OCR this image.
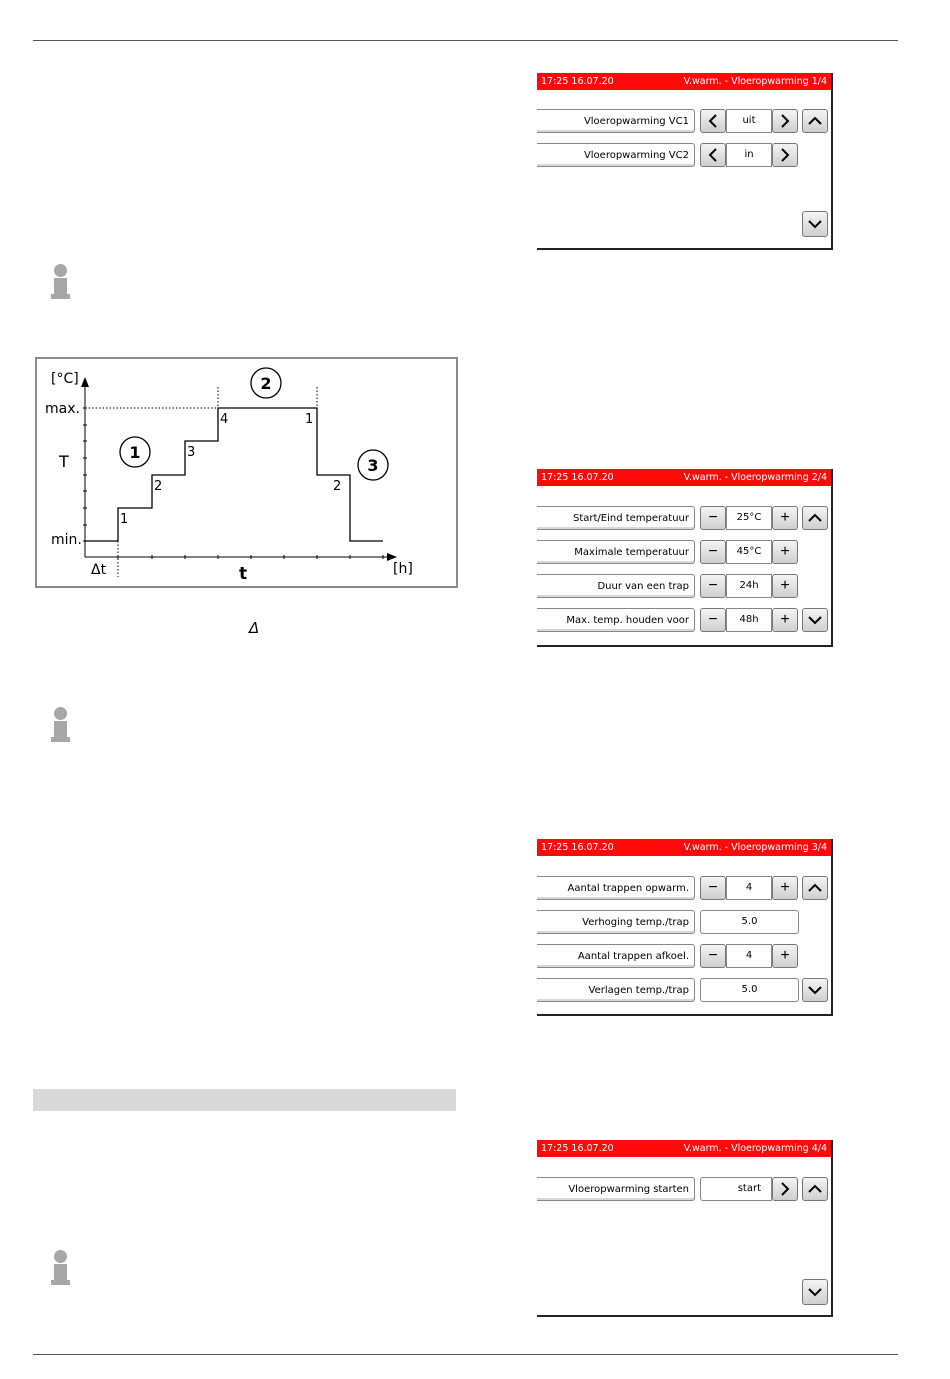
Δ
[°C]
max.
T
min.
Δt	t	[h]
1
2
3
4	1
2
1
2
3
17:25 16.07.20	V.warm. - Vloeropwarming 1/4
Vloeropwarming VC1	uit
Vloeropwarming VC2	in
17:25 16.07.20	V.warm. - Vloeropwarming 2/4
Start/Eind temperatuur	−	25°C	+
Maximale temperatuur	−	45°C	+
Duur van een trap	−	24h	+
Max. temp. houden voor	−	48h	+
17:25 16.07.20	V.warm. - Vloeropwarming 3/4
Aantal trappen opwarm.	−	4	+
Verhoging temp./trap	5.0
Aantal trappen afkoel.	−	4	+
Verlagen temp./trap	5.0
17:25 16.07.20	V.warm. - Vloeropwarming 4/4
Vloeropwarming starten	start
